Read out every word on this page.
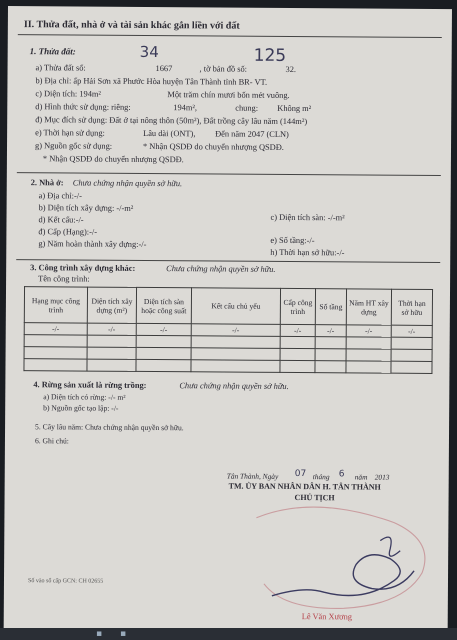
II. Thửa đất, nhà ở và tài sản khác gắn liền với đất
1. Thửa đất:	34	125
a) Thửa đất số:	1667	, tờ bản đồ số:	32.
b) Địa chỉ: ấp Hải Sơn xã Phước Hòa huyện Tân Thành tỉnh BR- VT.
c) Diện tích: 194m²	Một trăm chín mươi bốn mét vuông.
d) Hình thức sử dụng: riêng:	194m²,	chung: Không m²
đ) Mục đích sử dụng: Đất ở tại nông thôn (50m²), Đất trồng cây lâu năm (144m²)
e) Thời hạn sử dụng:	Lâu dài (ONT), Đến năm 2047 (CLN)
g) Nguồn gốc sử dụng:	* Nhận QSDĐ do chuyển nhượng QSDĐ.
* Nhận QSDĐ do chuyển nhượng QSDĐ.
2. Nhà ở: Chưa chứng nhận quyền sở hữu.
a) Địa chỉ:-/-
b) Diện tích xây dựng: -/-m²
d) Kết cấu:-/-	c) Diện tích sàn: -/-m²
đ) Cấp (Hạng):-/-
e) Số tầng:-/-
g) Năm hoàn thành xây dựng:-/-
h) Thời hạn sở hữu:-/-
3. Công trình xây dựng khác:	Chưa chứng nhận quyền sở hữu.
Tên công trình:
Hạng mục công trình	Diện tích xây dựng (m²)	Diện tích sàn hoặc công suất	Kết cấu chủ yếu	Cấp công trình	Số tầng	Năm HT xây dựng	Thời hạn sở hữu
-/-	-/-	-/-	-/-	-/-	-/-	-/-	-/-

4. Rừng sản xuất là rừng trồng:	Chưa chứng nhận quyền sở hữu.
a) Diện tích có rừng: -/- m²
b) Nguồn gốc tạo lập: -/-
5. Cây lâu năm: Chưa chứng nhận quyền sở hữu.
6. Ghi chú:
Tân Thành, Ngày 07 tháng 6 năm 2013
TM. ỦY BAN NHÂN DÂN H. TÂN THÀNH
CHỦ TỊCH
Lê Văn Xương
Số vào sổ cấp GCN: CH 02655
▪ ▪
